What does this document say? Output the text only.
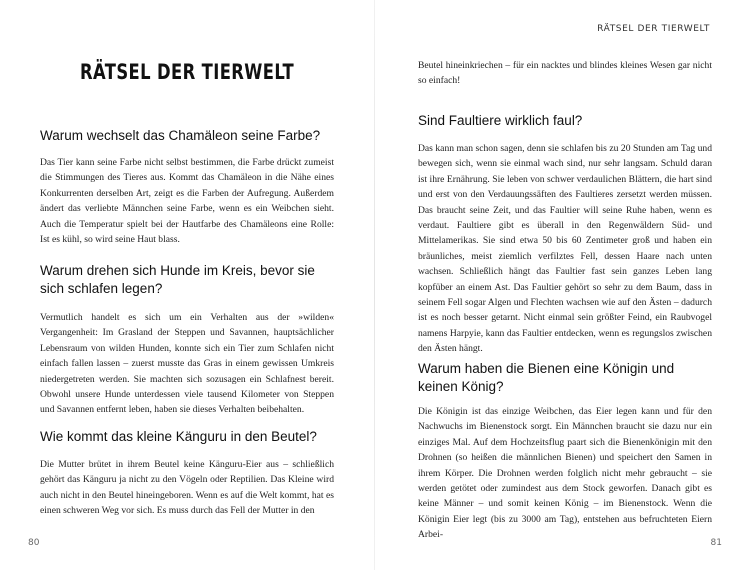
RÄTSEL DER TIERWELT
Warum wechselt das Chamäleon seine Farbe?

Das Tier kann seine Farbe nicht selbst bestimmen, die Farbe drückt zumeist die Stimmungen des Tieres aus. Kommt das Chamäleon in die Nähe eines Konkurrenten derselben Art, zeigt es die Farben der Aufregung. Außerdem ändert das verliebte Männchen seine Farbe, wenn es ein Weibchen sieht. Auch die Temperatur spielt bei der Hautfarbe des Chamäleons eine Rolle: Ist es kühl, so wird seine Haut blass.

Warum drehen sich Hunde im Kreis, bevor sie sich schlafen legen?

Vermutlich handelt es sich um ein Verhalten aus der »wilden« Vergangenheit: Im Grasland der Steppen und Savannen, hauptsächlicher Lebensraum von wilden Hunden, konnte sich ein Tier zum Schlafen nicht einfach fallen lassen – zuerst musste das Gras in einem gewissen Umkreis niedergetreten werden. Sie machten sich sozusagen ein Schlafnest bereit. Obwohl unsere Hunde unterdessen viele tausend Kilometer von Steppen und Savannen entfernt leben, haben sie dieses Verhalten beibehalten.

Wie kommt das kleine Känguru in den Beutel?

Die Mutter brütet in ihrem Beutel keine Känguru-Eier aus – schließlich gehört das Känguru ja nicht zu den Vögeln oder Reptilien. Das Kleine wird auch nicht in den Beutel hineingeboren. Wenn es auf die Welt kommt, hat es einen schweren Weg vor sich. Es muss durch das Fell der Mutter in den

80

RÄTSEL DER TIERWELT

Beutel hineinkriechen – für ein nacktes und blindes kleines Wesen gar nicht so einfach!

Sind Faultiere wirklich faul?

Das kann man schon sagen, denn sie schlafen bis zu 20 Stunden am Tag und bewegen sich, wenn sie einmal wach sind, nur sehr langsam. Schuld daran ist ihre Ernährung. Sie leben von schwer verdaulichen Blättern, die hart sind und erst von den Verdauungssäften des Faultieres zersetzt werden müssen. Das braucht seine Zeit, und das Faultier will seine Ruhe haben, wenn es verdaut. Faultiere gibt es überall in den Regenwäldern Süd- und Mittelamerikas. Sie sind etwa 50 bis 60 Zentimeter groß und haben ein bräunliches, meist ziemlich verfilztes Fell, dessen Haare nach unten wachsen. Schließlich hängt das Faultier fast sein ganzes Leben lang kopfüber an einem Ast. Das Faultier gehört so sehr zu dem Baum, dass in seinem Fell sogar Algen und Flechten wachsen wie auf den Ästen – dadurch ist es noch besser getarnt. Nicht einmal sein größter Feind, ein Raubvogel namens Harpyie, kann das Faultier entdecken, wenn es regungslos zwischen den Ästen hängt.

Warum haben die Bienen eine Königin und keinen König?

Die Königin ist das einzige Weibchen, das Eier legen kann und für den Nachwuchs im Bienenstock sorgt. Ein Männchen braucht sie dazu nur ein einziges Mal. Auf dem Hochzeitsflug paart sich die Bienenkönigin mit den Drohnen (so heißen die männlichen Bienen) und speichert den Samen in ihrem Körper. Die Drohnen werden folglich nicht mehr gebraucht – sie werden getötet oder zumindest aus dem Stock geworfen. Danach gibt es keine Männer – und somit keinen König – im Bienenstock. Wenn die Königin Eier legt (bis zu 3000 am Tag), entstehen aus befruchteten Eiern Arbei-

81
